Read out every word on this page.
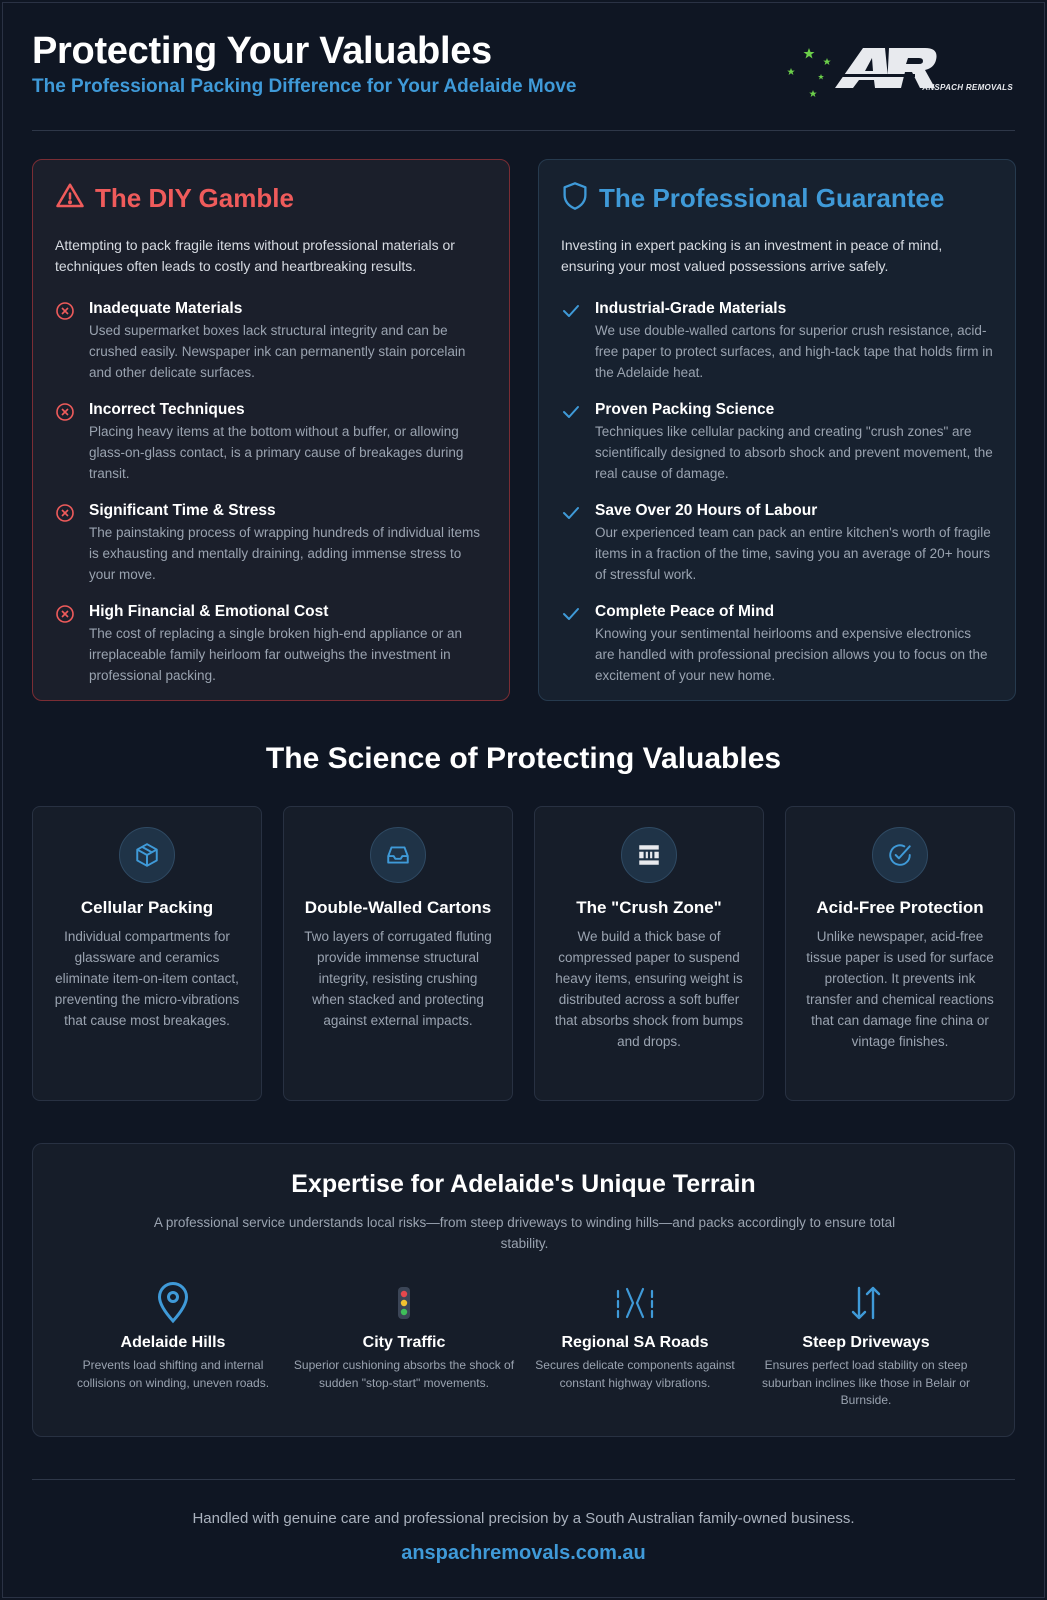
Protecting Your Valuables
The Professional Packing Difference for Your Adelaide Move	ANSPACH REMOVALS
The DIY Gamble
Attempting to pack fragile items without professional materials or techniques often leads to costly and heartbreaking results.
Inadequate Materials
Used supermarket boxes lack structural integrity and can be crushed easily. Newspaper ink can permanently stain porcelain and other delicate surfaces.
Incorrect Techniques
Placing heavy items at the bottom without a buffer, or allowing glass-on-glass contact, is a primary cause of breakages during transit.
Significant Time & Stress
The painstaking process of wrapping hundreds of individual items is exhausting and mentally draining, adding immense stress to your move.
High Financial & Emotional Cost
The cost of replacing a single broken high-end appliance or an irreplaceable family heirloom far outweighs the investment in professional packing.
The Professional Guarantee
Investing in expert packing is an investment in peace of mind, ensuring your most valued possessions arrive safely.
Industrial-Grade Materials
We use double-walled cartons for superior crush resistance, acid-free paper to protect surfaces, and high-tack tape that holds firm in the Adelaide heat.
Proven Packing Science
Techniques like cellular packing and creating "crush zones" are scientifically designed to absorb shock and prevent movement, the real cause of damage.
Save Over 20 Hours of Labour
Our experienced team can pack an entire kitchen's worth of fragile items in a fraction of the time, saving you an average of 20+ hours of stressful work.
Complete Peace of Mind
Knowing your sentimental heirlooms and expensive electronics are handled with professional precision allows you to focus on the excitement of your new home.
The Science of Protecting Valuables
Cellular Packing
Individual compartments for glassware and ceramics eliminate item-on-item contact, preventing the micro-vibrations that cause most breakages.
Double-Walled Cartons
Two layers of corrugated fluting provide immense structural integrity, resisting crushing when stacked and protecting against external impacts.
The "Crush Zone"
We build a thick base of compressed paper to suspend heavy items, ensuring weight is distributed across a soft buffer that absorbs shock from bumps and drops.
Acid-Free Protection
Unlike newspaper, acid-free tissue paper is used for surface protection. It prevents ink transfer and chemical reactions that can damage fine china or vintage finishes.
Expertise for Adelaide's Unique Terrain
A professional service understands local risks—from steep driveways to winding hills—and packs accordingly to ensure total stability.
Adelaide Hills
Prevents load shifting and internal collisions on winding, uneven roads.
City Traffic
Superior cushioning absorbs the shock of sudden "stop-start" movements.
Regional SA Roads
Secures delicate components against constant highway vibrations.
Steep Driveways
Ensures perfect load stability on steep suburban inclines like those in Belair or Burnside.
Handled with genuine care and professional precision by a South Australian family-owned business.
anspachremovals.com.au
